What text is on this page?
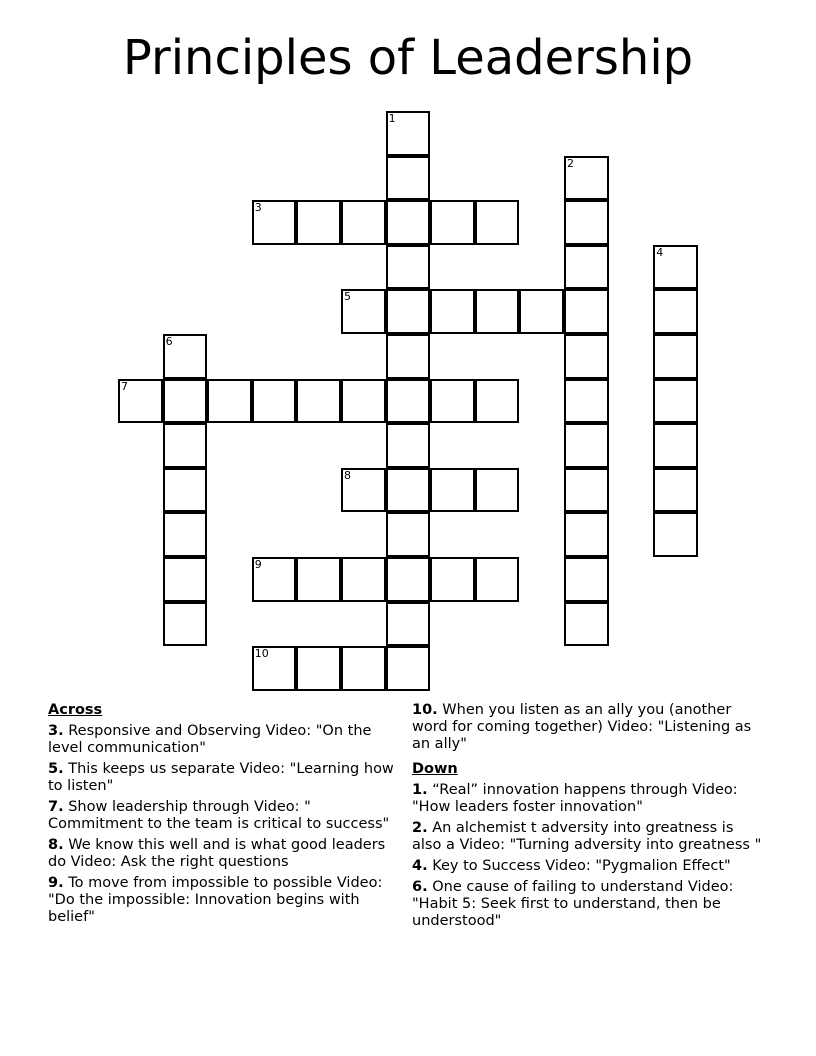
Principles of Leadership
1
2
3
4
5
6
7
8
9
10
Across
3. Responsive and Observing Video: "On the level communication"
5. This keeps us separate Video: "Learning how to listen"
7. Show leadership through Video: " Commitment to the team is critical to success"
8. We know this well and is what good leaders do Video: Ask the right questions
9. To move from impossible to possible Video: "Do the impossible: Innovation begins with belief"
10. When you listen as an ally you (another word for coming together) Video: "Listening as an ally"
Down
1. “Real” innovation happens through Video: "How leaders foster innovation"
2. An alchemist t adversity into greatness is also a Video: "Turning adversity into greatness "
4. Key to Success Video: "Pygmalion Effect"
6. One cause of failing to understand Video: "Habit 5: Seek first to understand, then be understood"
